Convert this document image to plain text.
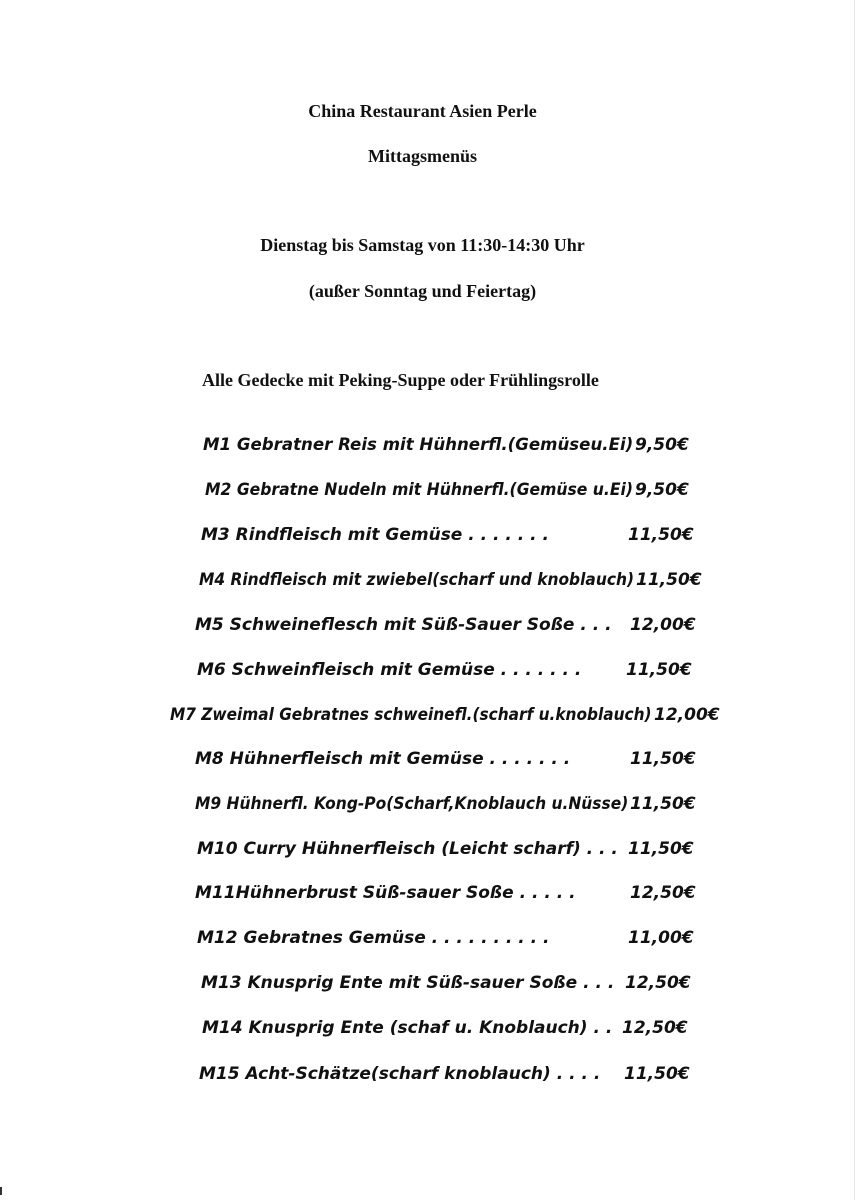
China Restaurant Asien Perle
Mittagsmenüs
Dienstag bis Samstag von 11:30-14:30 Uhr
(außer Sonntag und Feiertag)
Alle Gedecke mit Peking-Suppe oder Frühlingsrolle
M1 Gebratner Reis mit Hühnerfl.(Gemüseu.Ei) 9,50€
M2 Gebratne Nudeln mit Hühnerfl.(Gemüse u.Ei) 9,50€
M3 Rindfleisch mit Gemüse . . . . . . .	11,50€
M4 Rindfleisch mit zwiebel(scharf und knoblauch) 11,50€
M5 Schweineflesch mit Süß-Sauer Soße . . . 12,00€
M6 Schweinfleisch mit Gemüse . . . . . . .	11,50€
M7 Zweimal Gebratnes schweinefl.(scharf u.knoblauch) 12,00€
M8 Hühnerfleisch mit Gemüse . . . . . . .	11,50€
M9 Hühnerfl. Kong-Po(Scharf,Knoblauch u.Nüsse) 11,50€
M10 Curry Hühnerfleisch (Leicht scharf) . . . 11,50€
M11Hühnerbrust Süß-sauer Soße . . . . .	12,50€
M12 Gebratnes Gemüse . . . . . . . . . .	11,00€
M13 Knusprig Ente mit Süß-sauer Soße . . . 12,50€
M14 Knusprig Ente (schaf u. Knoblauch) . . 12,50€
M15 Acht-Schätze(scharf knoblauch) . . . . 11,50€
